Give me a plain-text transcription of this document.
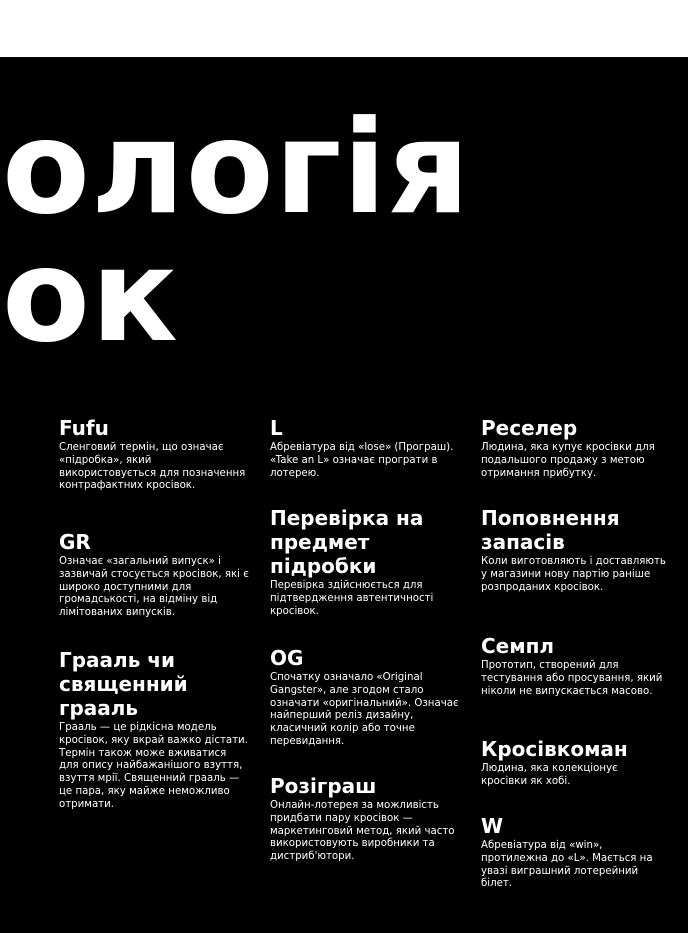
ологія
ок
Fufu

Сленговий термін, що означає «підробка», який використовується для позначення контрафактних кросівок.

GR

Означає «загальний випуск» і зазвичай стосується кросівок, які є широко доступними для громадськості, на відміну від лімітованих випусків.

Грааль чи священний грааль

Грааль — це рідкісна модель кросівок, яку вкрай важко дістати. Термін також може вживатися для опису найбажанішого взуття, взуття мрії. Священний грааль — це пара, яку майже неможливо отримати.

L

Абревіатура від «lose» (Програш). «Take an L» означає програти в лотерею.

Перевірка на предмет підробки

Перевірка здійснюється для підтвердження автентичності кросівок.

OG

Спочатку означало «Original Gangster», але згодом стало означати «оригінальний». Означає найперший реліз дизайну, класичний колір або точне перевидання.

Розіграш

Онлайн-лотерея за можливість придбати пару кросівок — маркетинговий метод, який часто використовують виробники та дистриб'ютори.

Реселер

Людина, яка купує кросівки для подальшого продажу з метою отримання прибутку.

Поповнення запасів

Коли виготовляють і доставляють у магазини нову партію раніше розпроданих кросівок.

Семпл

Прототип, створений для тестування або просування, який ніколи не випускається масово.

Кросівкоман

Людина, яка колекціонує кросівки як хобі.

W

Абревіатура від «win», протилежна до «L». Мається на увазі виграшний лотерейний білет.
